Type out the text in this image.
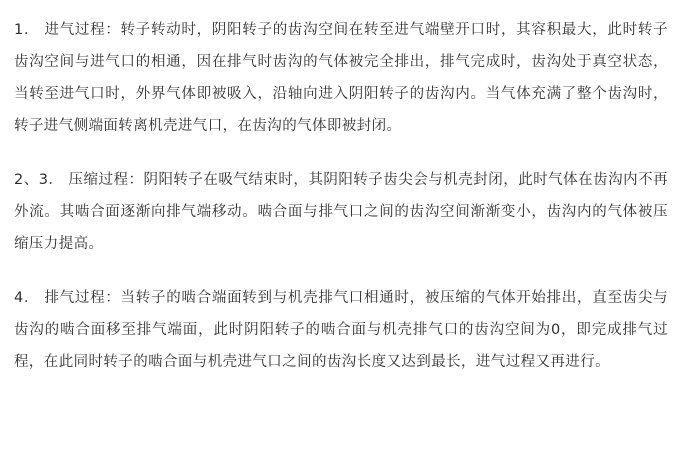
1． 进气过程：转子转动时，阴阳转子的齿沟空间在转至进气端壁开口时，其容积最大，此时转子齿沟空间与进气口的相通，因在排气时齿沟的气体被完全排出，排气完成时，齿沟处于真空状态，当转至进气口时，外界气体即被吸入，沿轴向进入阴阳转子的齿沟内。当气体充满了整个齿沟时，转子进气侧端面转离机壳进气口，在齿沟的气体即被封闭。

2、3． 压缩过程：阴阳转子在吸气结束时，其阴阳转子齿尖会与机壳封闭，此时气体在齿沟内不再外流。其啮合面逐渐向排气端移动。啮合面与排气口之间的齿沟空间渐渐变小，齿沟内的气体被压缩压力提高。

4． 排气过程：当转子的啮合端面转到与机壳排气口相通时，被压缩的气体开始排出，直至齿尖与齿沟的啮合面移至排气端面，此时阴阳转子的啮合面与机壳排气口的齿沟空间为0，即完成排气过程，在此同时转子的啮合面与机壳进气口之间的齿沟长度又达到最长，进气过程又再进行。
